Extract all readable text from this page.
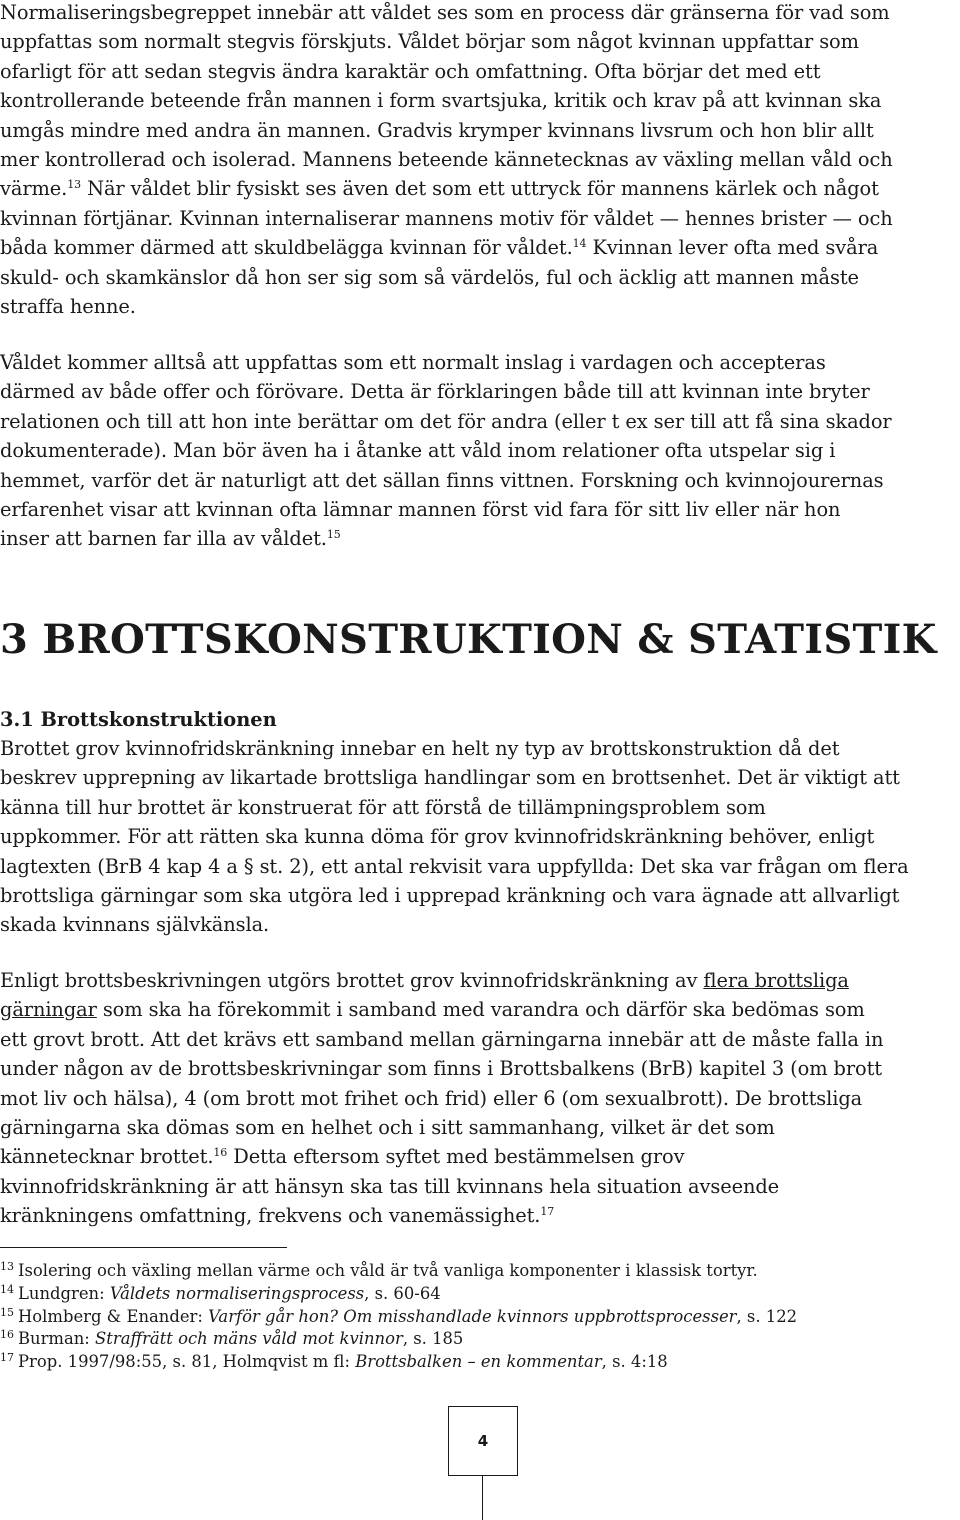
Normaliseringsbegreppet innebär att våldet ses som en process där gränserna för vad som
uppfattas som normalt stegvis förskjuts. Våldet börjar som något kvinnan uppfattar som
ofarligt för att sedan stegvis ändra karaktär och omfattning. Ofta börjar det med ett
kontrollerande beteende från mannen i form svartsjuka, kritik och krav på att kvinnan ska
umgås mindre med andra än mannen. Gradvis krymper kvinnans livsrum och hon blir allt
mer kontrollerad och isolerad. Mannens beteende kännetecknas av växling mellan våld och
värme.$^{13}$ När våldet blir fysiskt ses även det som ett uttryck för mannens kärlek och något
kvinnan förtjänar. Kvinnan internaliserar mannens motiv för våldet — hennes brister — och
båda kommer därmed att skuldbelägga kvinnan för våldet.$^{14}$ Kvinnan lever ofta med svåra
skuld- och skamkänslor då hon ser sig som så värdelös, ful och äcklig att mannen måste
straffa henne.
Våldet kommer alltså att uppfattas som ett normalt inslag i vardagen och accepteras
därmed av både offer och förövare. Detta är förklaringen både till att kvinnan inte bryter
relationen och till att hon inte berättar om det för andra (eller t ex ser till att få sina skador
dokumenterade). Man bör även ha i åtanke att våld inom relationer ofta utspelar sig i
hemmet, varför det är naturligt att det sällan finns vittnen. Forskning och kvinnojourernas
erfarenhet visar att kvinnan ofta lämnar mannen först vid fara för sitt liv eller när hon
inser att barnen far illa av våldet.$^{15}$
3 BROTTSKONSTRUKTION & STATISTIK
3.1 Brottskonstruktionen
Brottet grov kvinnofridskränkning innebar en helt ny typ av brottskonstruktion då det
beskrev upprepning av likartade brottsliga handlingar som en brottsenhet. Det är viktigt att
känna till hur brottet är konstruerat för att förstå de tillämpningsproblem som
uppkommer. För att rätten ska kunna döma för grov kvinnofridskränkning behöver, enligt
lagtexten (BrB 4 kap 4 a § st. 2), ett antal rekvisit vara uppfyllda: Det ska var frågan om flera
brottsliga gärningar som ska utgöra led i upprepad kränkning och vara ägnade att allvarligt
skada kvinnans självkänsla.
Enligt brottsbeskrivningen utgörs brottet grov kvinnofridskränkning av flera brottsliga
gärningar som ska ha förekommit i samband med varandra och därför ska bedömas som
ett grovt brott. Att det krävs ett samband mellan gärningarna innebär att de måste falla in
under någon av de brottsbeskrivningar som finns i Brottsbalkens (BrB) kapitel 3 (om brott
mot liv och hälsa), 4 (om brott mot frihet och frid) eller 6 (om sexualbrott). De brottsliga
gärningarna ska dömas som en helhet och i sitt sammanhang, vilket är det som
kännetecknar brottet.$^{16}$ Detta eftersom syftet med bestämmelsen grov
kvinnofridskränkning är att hänsyn ska tas till kvinnans hela situation avseende
kränkningens omfattning, frekvens och vanemässighet.$^{17}$
$^{13}$ Isolering och växling mellan värme och våld är två vanliga komponenter i klassisk tortyr.
$^{14}$ Lundgren: Våldets normaliseringsprocess, s. 60-64
$^{15}$ Holmberg & Enander: Varför går hon? Om misshandlade kvinnors uppbrottsprocesser, s. 122
$^{16}$ Burman: Straffrätt och mäns våld mot kvinnor, s. 185
$^{17}$ Prop. 1997/98:55, s. 81, Holmqvist m fl: Brottsbalken – en kommentar, s. 4:18
4
